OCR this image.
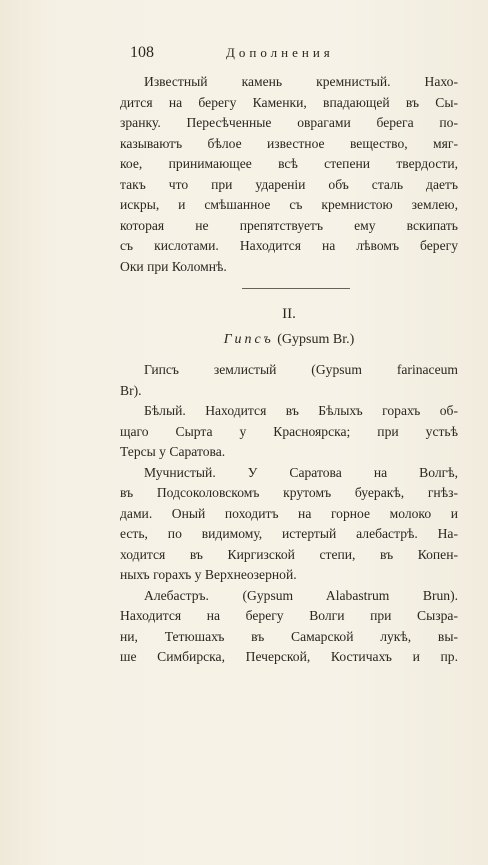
108	Дополнения
Известный камень кремнистый. Нахо-
дится на берегу Каменки, впадающей въ Сы-
зранку. Пересѣченные оврагами берега по-
казываютъ бѣлое известное вещество, мяг-
кое, принимающее всѣ степени твердости,
такъ что при ударенiи объ сталь даетъ
искры, и смѣшанное съ кремнистою землею,
которая не препятствуетъ ему вскипать
съ кислотами. Находится на лѣвомъ берегу
Оки при Коломнѣ.
II.
Гипсъ (Gypsum Br.)
Гипсъ землистый (Gypsum farinaceum
Br).
Бѣлый. Находится въ Бѣлыхъ горахъ об-
щаго Сырта у Красноярска; при устьѣ
Терсы у Саратова.
Мучнистый. У Саратова на Волгѣ,
въ Подсоколовскомъ крутомъ буеракѣ, гнѣз-
дами. Оный походитъ на горное молоко и
есть, по видимому, истертый алебастрѣ. На-
ходится въ Киргизской степи, въ Копен-
ныхъ горахъ у Верхнеозерной.
Алебастръ. (Gypsum Alabastrum Brun).
Находится на берегу Волги при Сызра-
ни, Тетюшахъ въ Самарской лукѣ, вы-
ше Симбирска, Печерской, Костичахъ и пр.
